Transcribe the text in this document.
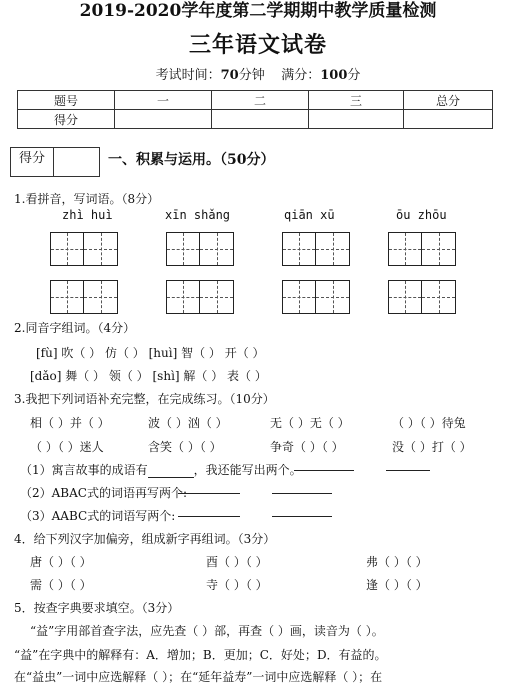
2019-2020学年度第二学期期中教学质量检测
三年语文试卷
考试时间：70分钟 满分：100分
题号	一	二	三	总分
得分				
得分	一、积累与运用。（50分）
1.看拼音，写词语。（8分）
zhì huì	xīn shǎng	qiān xū	ōu zhōu
2.同音字组词。（4分）
[fù] 吹（ ） 仿（ ） [huì] 智（ ） 开（ ）
[dǎo] 舞（ ） 领（ ） [shì] 解（ ） 表（ ）
3.我把下列词语补充完整，在完成练习。（10分）
相（ ）并（ ）	波（ ）汹（ ）	无（ ）无（ ）	（ ）（ ）待兔
（ ）（ ）迷人	含笑（ ）（ ）	争奇（ ）（ ）	没（ ）打（ ）
（1）寓言故事的成语有	，我还能写出两个。
（2）ABAC式的词语再写两个:
（3）AABC式的词语写两个:
4．给下列汉字加偏旁，组成新字再组词。（3分）
唐（ ）（ ）	酉（ ）（ ）	弗（ ）（ ）
需（ ）（ ）	寺（ ）（ ）	逢（ ）（ ）
5．按查字典要求填空。（3分）
“益”字用部首查字法，应先查（ ）部，再查（ ）画，读音为（ ）。
“益”在字典中的解释有：A．增加；B．更加；C．好处；D．有益的。
在“益虫”一词中应选解释（ ）；在“延年益寿”一词中应选解释（ ）；在
